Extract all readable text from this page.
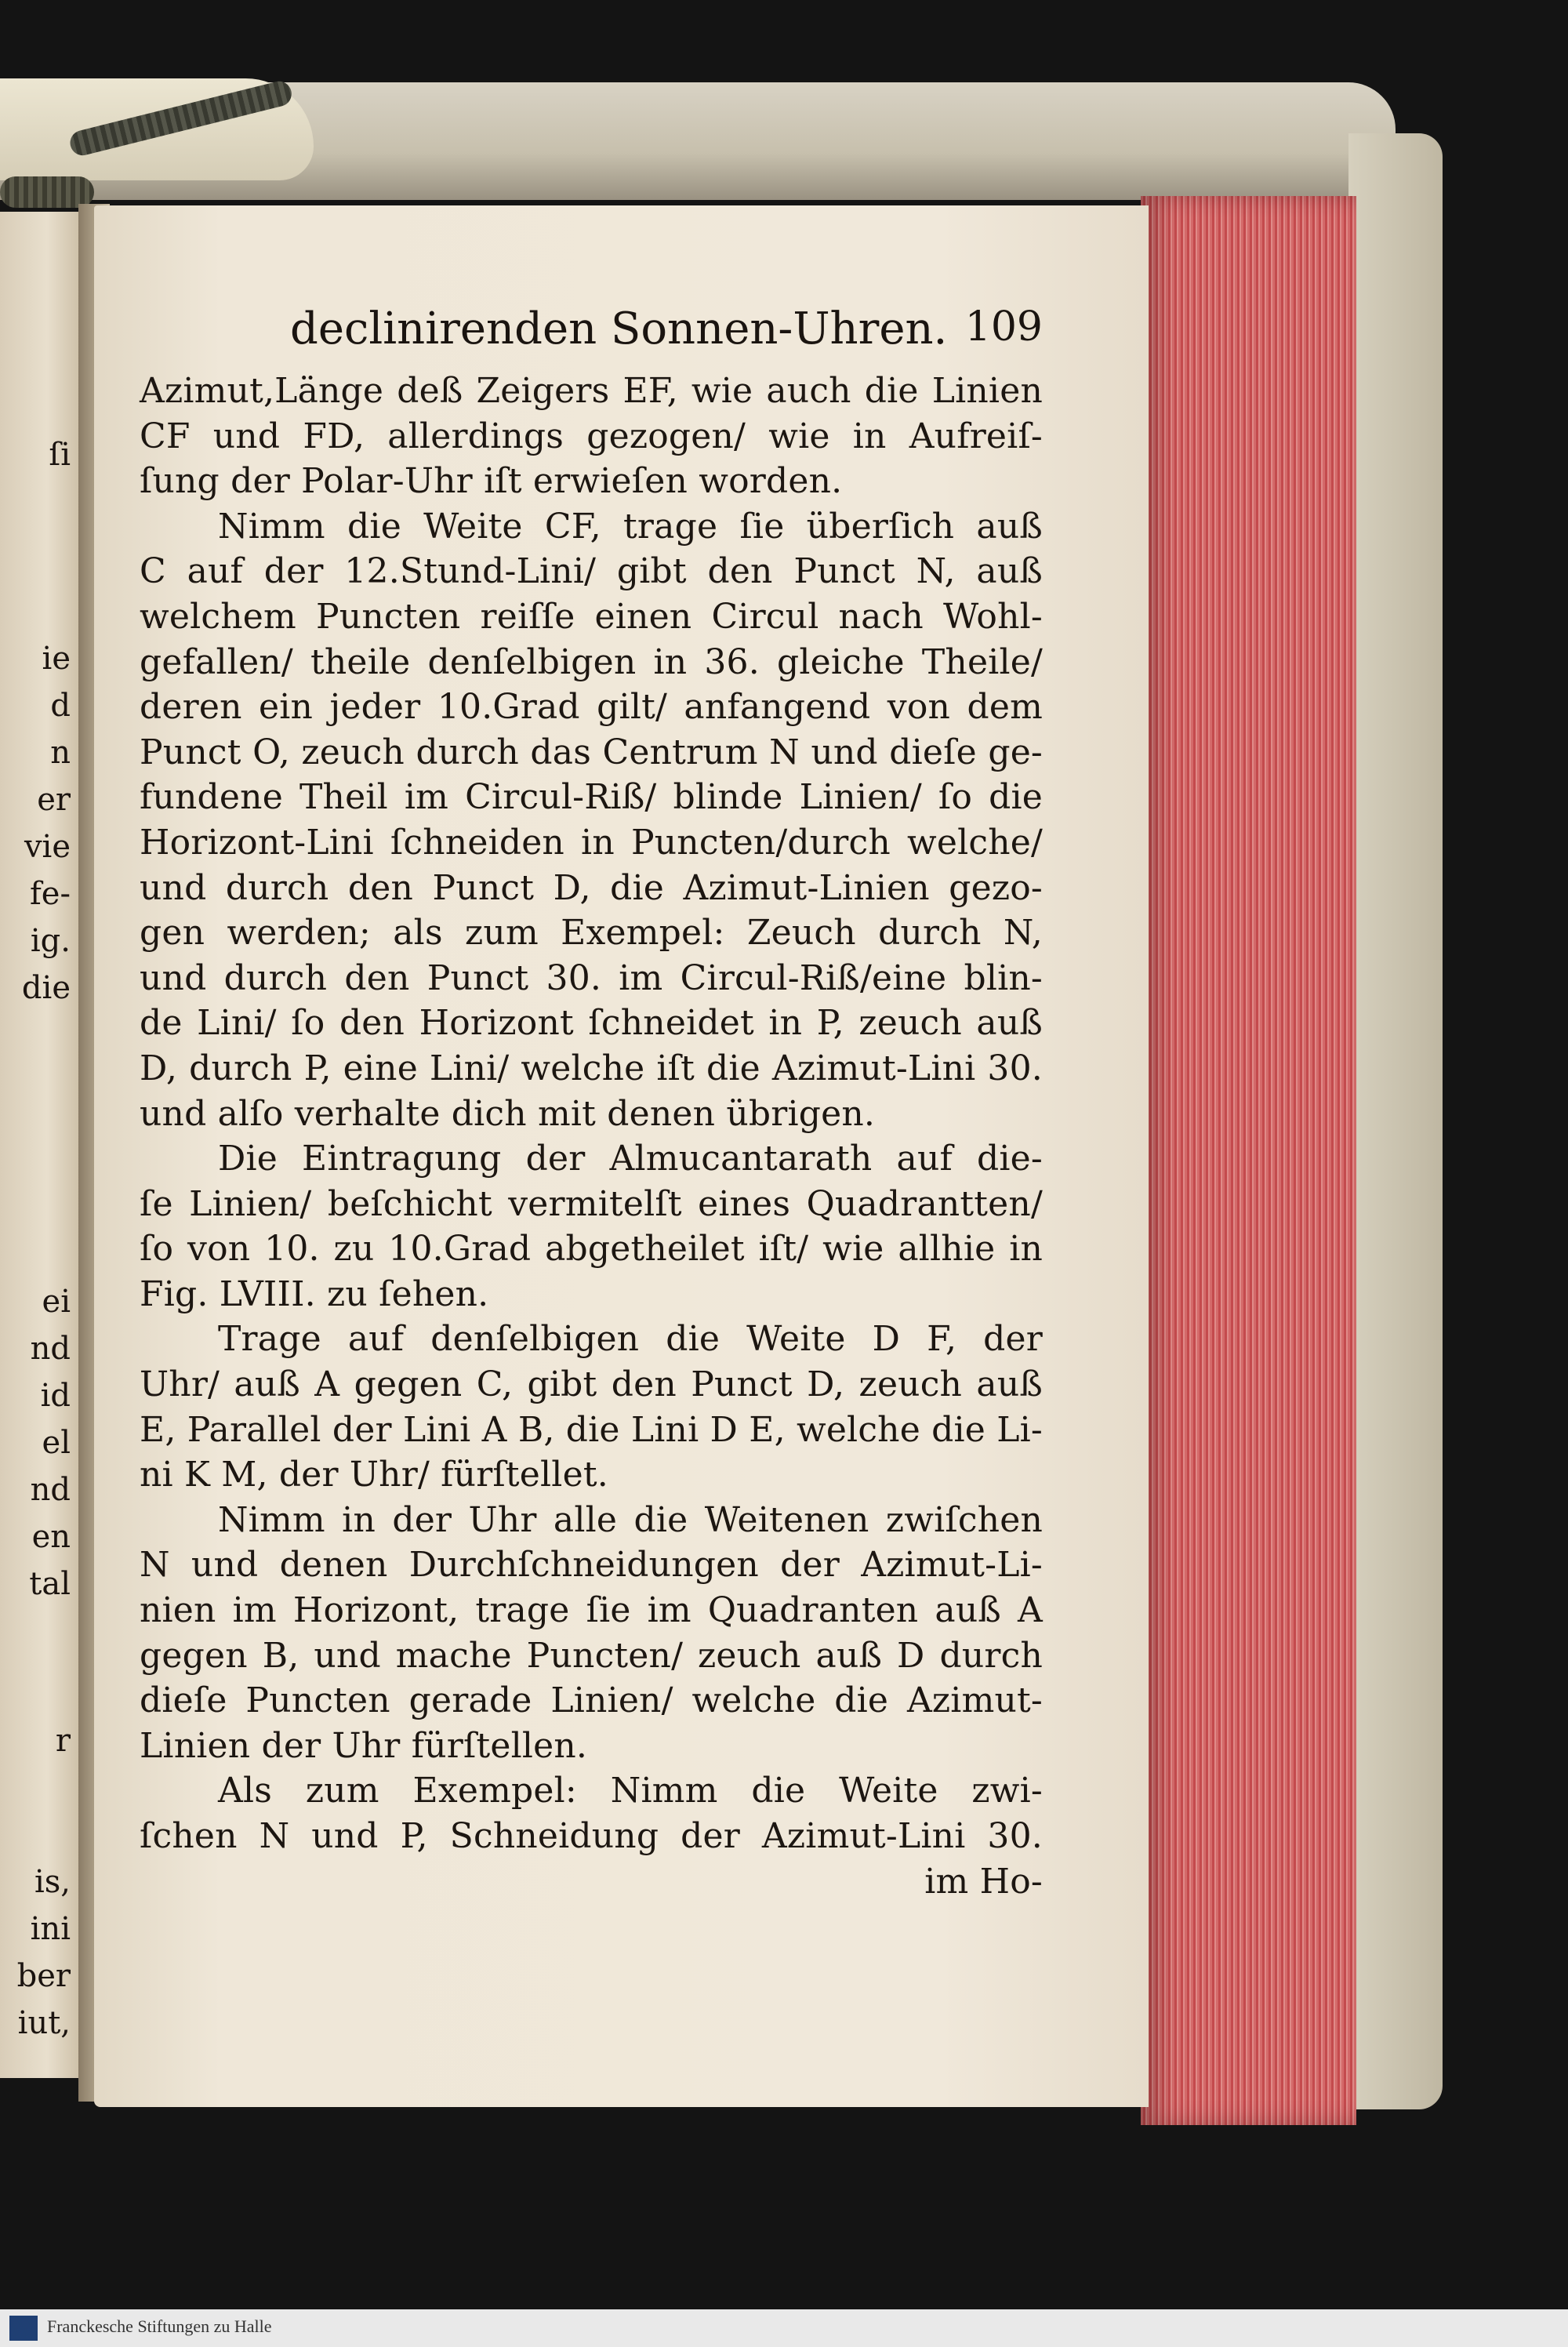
ſi
ie
d
n
er
vie
fe-
ig.
die
ei
nd
id
el
nd
en
tal
r
is,
ini
ber
iut,
declinirenden Sonnen-Uhren. 109
Azimut,Länge deß Zeigers EF, wie auch die Linien
CF und FD, allerdings gezogen/ wie in Aufreiſ-
ſung der Polar-Uhr iſt erwieſen worden.
Nimm die Weite CF, trage ſie überſich auß
C auf der 12.Stund-Lini/ gibt den Punct N, auß
welchem Puncten reiſſe einen Circul nach Wohl-
gefallen/ theile denſelbigen in 36. gleiche Theile/
deren ein jeder 10.Grad gilt/ anfangend von dem
Punct O, zeuch durch das Centrum N und dieſe ge-
fundene Theil im Circul-Riß/ blinde Linien/ ſo die
Horizont-Lini ſchneiden in Puncten/durch welche/
und durch den Punct D, die Azimut-Linien gezo-
gen werden; als zum Exempel: Zeuch durch N,
und durch den Punct 30. im Circul-Riß/eine blin-
de Lini/ ſo den Horizont ſchneidet in P, zeuch auß
D, durch P, eine Lini/ welche iſt die Azimut-Lini 30.
und alſo verhalte dich mit denen übrigen.
Die Eintragung der Almucantarath auf die-
ſe Linien/ beſchicht vermitelſt eines Quadrantten/
ſo von 10. zu 10.Grad abgetheilet iſt/ wie allhie in
Fig. LVIII. zu ſehen.
Trage auf denſelbigen die Weite D F, der
Uhr/ auß A gegen C, gibt den Punct D, zeuch auß
E, Parallel der Lini A B, die Lini D E, welche die Li-
ni K M, der Uhr/ fürſtellet.
Nimm in der Uhr alle die Weitenen zwiſchen
N und denen Durchſchneidungen der Azimut-Li-
nien im Horizont, trage ſie im Quadranten auß A
gegen B, und mache Puncten/ zeuch auß D durch
dieſe Puncten gerade Linien/ welche die Azimut-
Linien der Uhr fürſtellen.
Als zum Exempel: Nimm die Weite zwi-
ſchen N und P, Schneidung der Azimut-Lini 30.
im Ho-
Franckesche Stiftungen zu Halle
